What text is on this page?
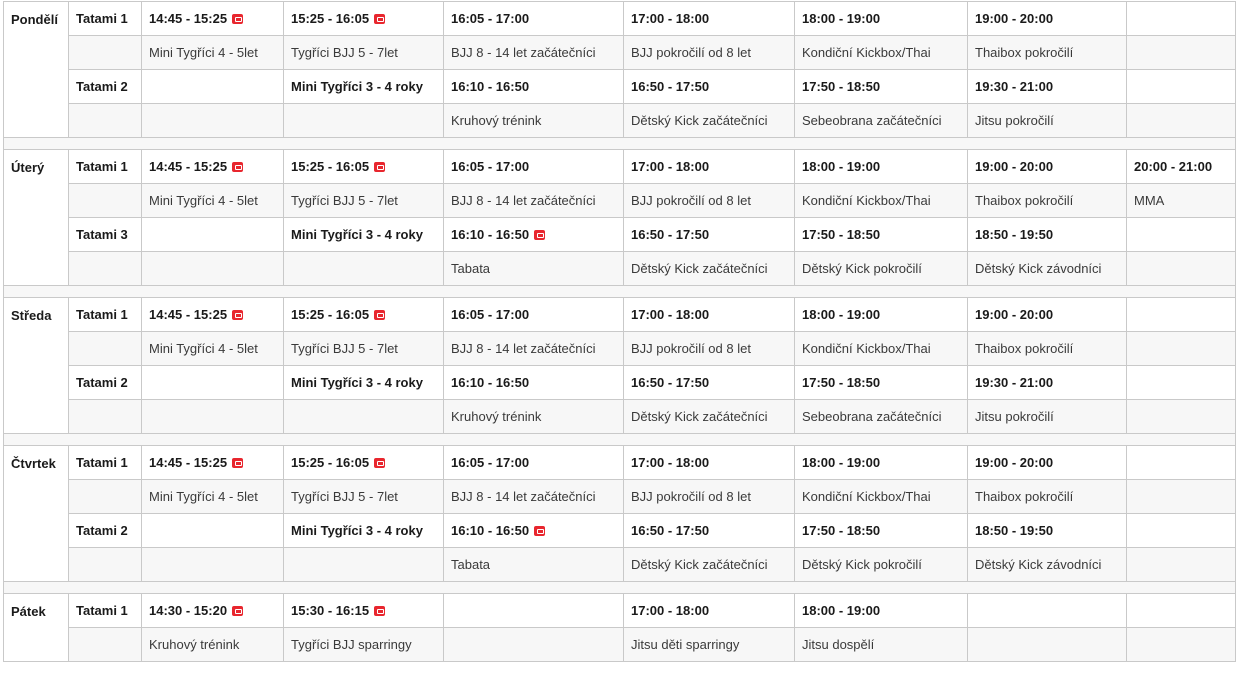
Pondělí	Tatami 1	14:45 - 15:25	15:25 - 16:05	16:05 - 17:00	17:00 - 18:00	18:00 - 19:00	19:00 - 20:00	
		Mini Tygříci 4 - 5let	Tygříci BJJ 5 - 7let	BJJ 8 - 14 let začátečníci	BJJ pokročilí od 8 let	Kondiční Kickbox/Thai	Thaibox pokročilí	
	Tatami 2		Mini Tygříci 3 - 4 roky	16:10 - 16:50	16:50 - 17:50	17:50 - 18:50	19:30 - 21:00	
				Kruhový trénink	Dětský Kick začátečníci	Sebeobrana začátečníci	Jitsu pokročilí	

Úterý	Tatami 1	14:45 - 15:25	15:25 - 16:05	16:05 - 17:00	17:00 - 18:00	18:00 - 19:00	19:00 - 20:00	20:00 - 21:00
		Mini Tygříci 4 - 5let	Tygříci BJJ 5 - 7let	BJJ 8 - 14 let začátečníci	BJJ pokročilí od 8 let	Kondiční Kickbox/Thai	Thaibox pokročilí	MMA
	Tatami 3		Mini Tygříci 3 - 4 roky	16:10 - 16:50	16:50 - 17:50	17:50 - 18:50	18:50 - 19:50	
				Tabata	Dětský Kick začátečníci	Dětský Kick pokročilí	Dětský Kick závodníci	

Středa	Tatami 1	14:45 - 15:25	15:25 - 16:05	16:05 - 17:00	17:00 - 18:00	18:00 - 19:00	19:00 - 20:00	
		Mini Tygříci 4 - 5let	Tygříci BJJ 5 - 7let	BJJ 8 - 14 let začátečníci	BJJ pokročilí od 8 let	Kondiční Kickbox/Thai	Thaibox pokročilí	
	Tatami 2		Mini Tygříci 3 - 4 roky	16:10 - 16:50	16:50 - 17:50	17:50 - 18:50	19:30 - 21:00	
				Kruhový trénink	Dětský Kick začátečníci	Sebeobrana začátečníci	Jitsu pokročilí	

Čtvrtek	Tatami 1	14:45 - 15:25	15:25 - 16:05	16:05 - 17:00	17:00 - 18:00	18:00 - 19:00	19:00 - 20:00	
		Mini Tygříci 4 - 5let	Tygříci BJJ 5 - 7let	BJJ 8 - 14 let začátečníci	BJJ pokročilí od 8 let	Kondiční Kickbox/Thai	Thaibox pokročilí	
	Tatami 2		Mini Tygříci 3 - 4 roky	16:10 - 16:50	16:50 - 17:50	17:50 - 18:50	18:50 - 19:50	
				Tabata	Dětský Kick začátečníci	Dětský Kick pokročilí	Dětský Kick závodníci	

Pátek	Tatami 1	14:30 - 15:20	15:30 - 16:15		17:00 - 18:00	18:00 - 19:00		
		Kruhový trénink	Tygříci BJJ sparringy		Jitsu děti sparringy	Jitsu dospělí		
